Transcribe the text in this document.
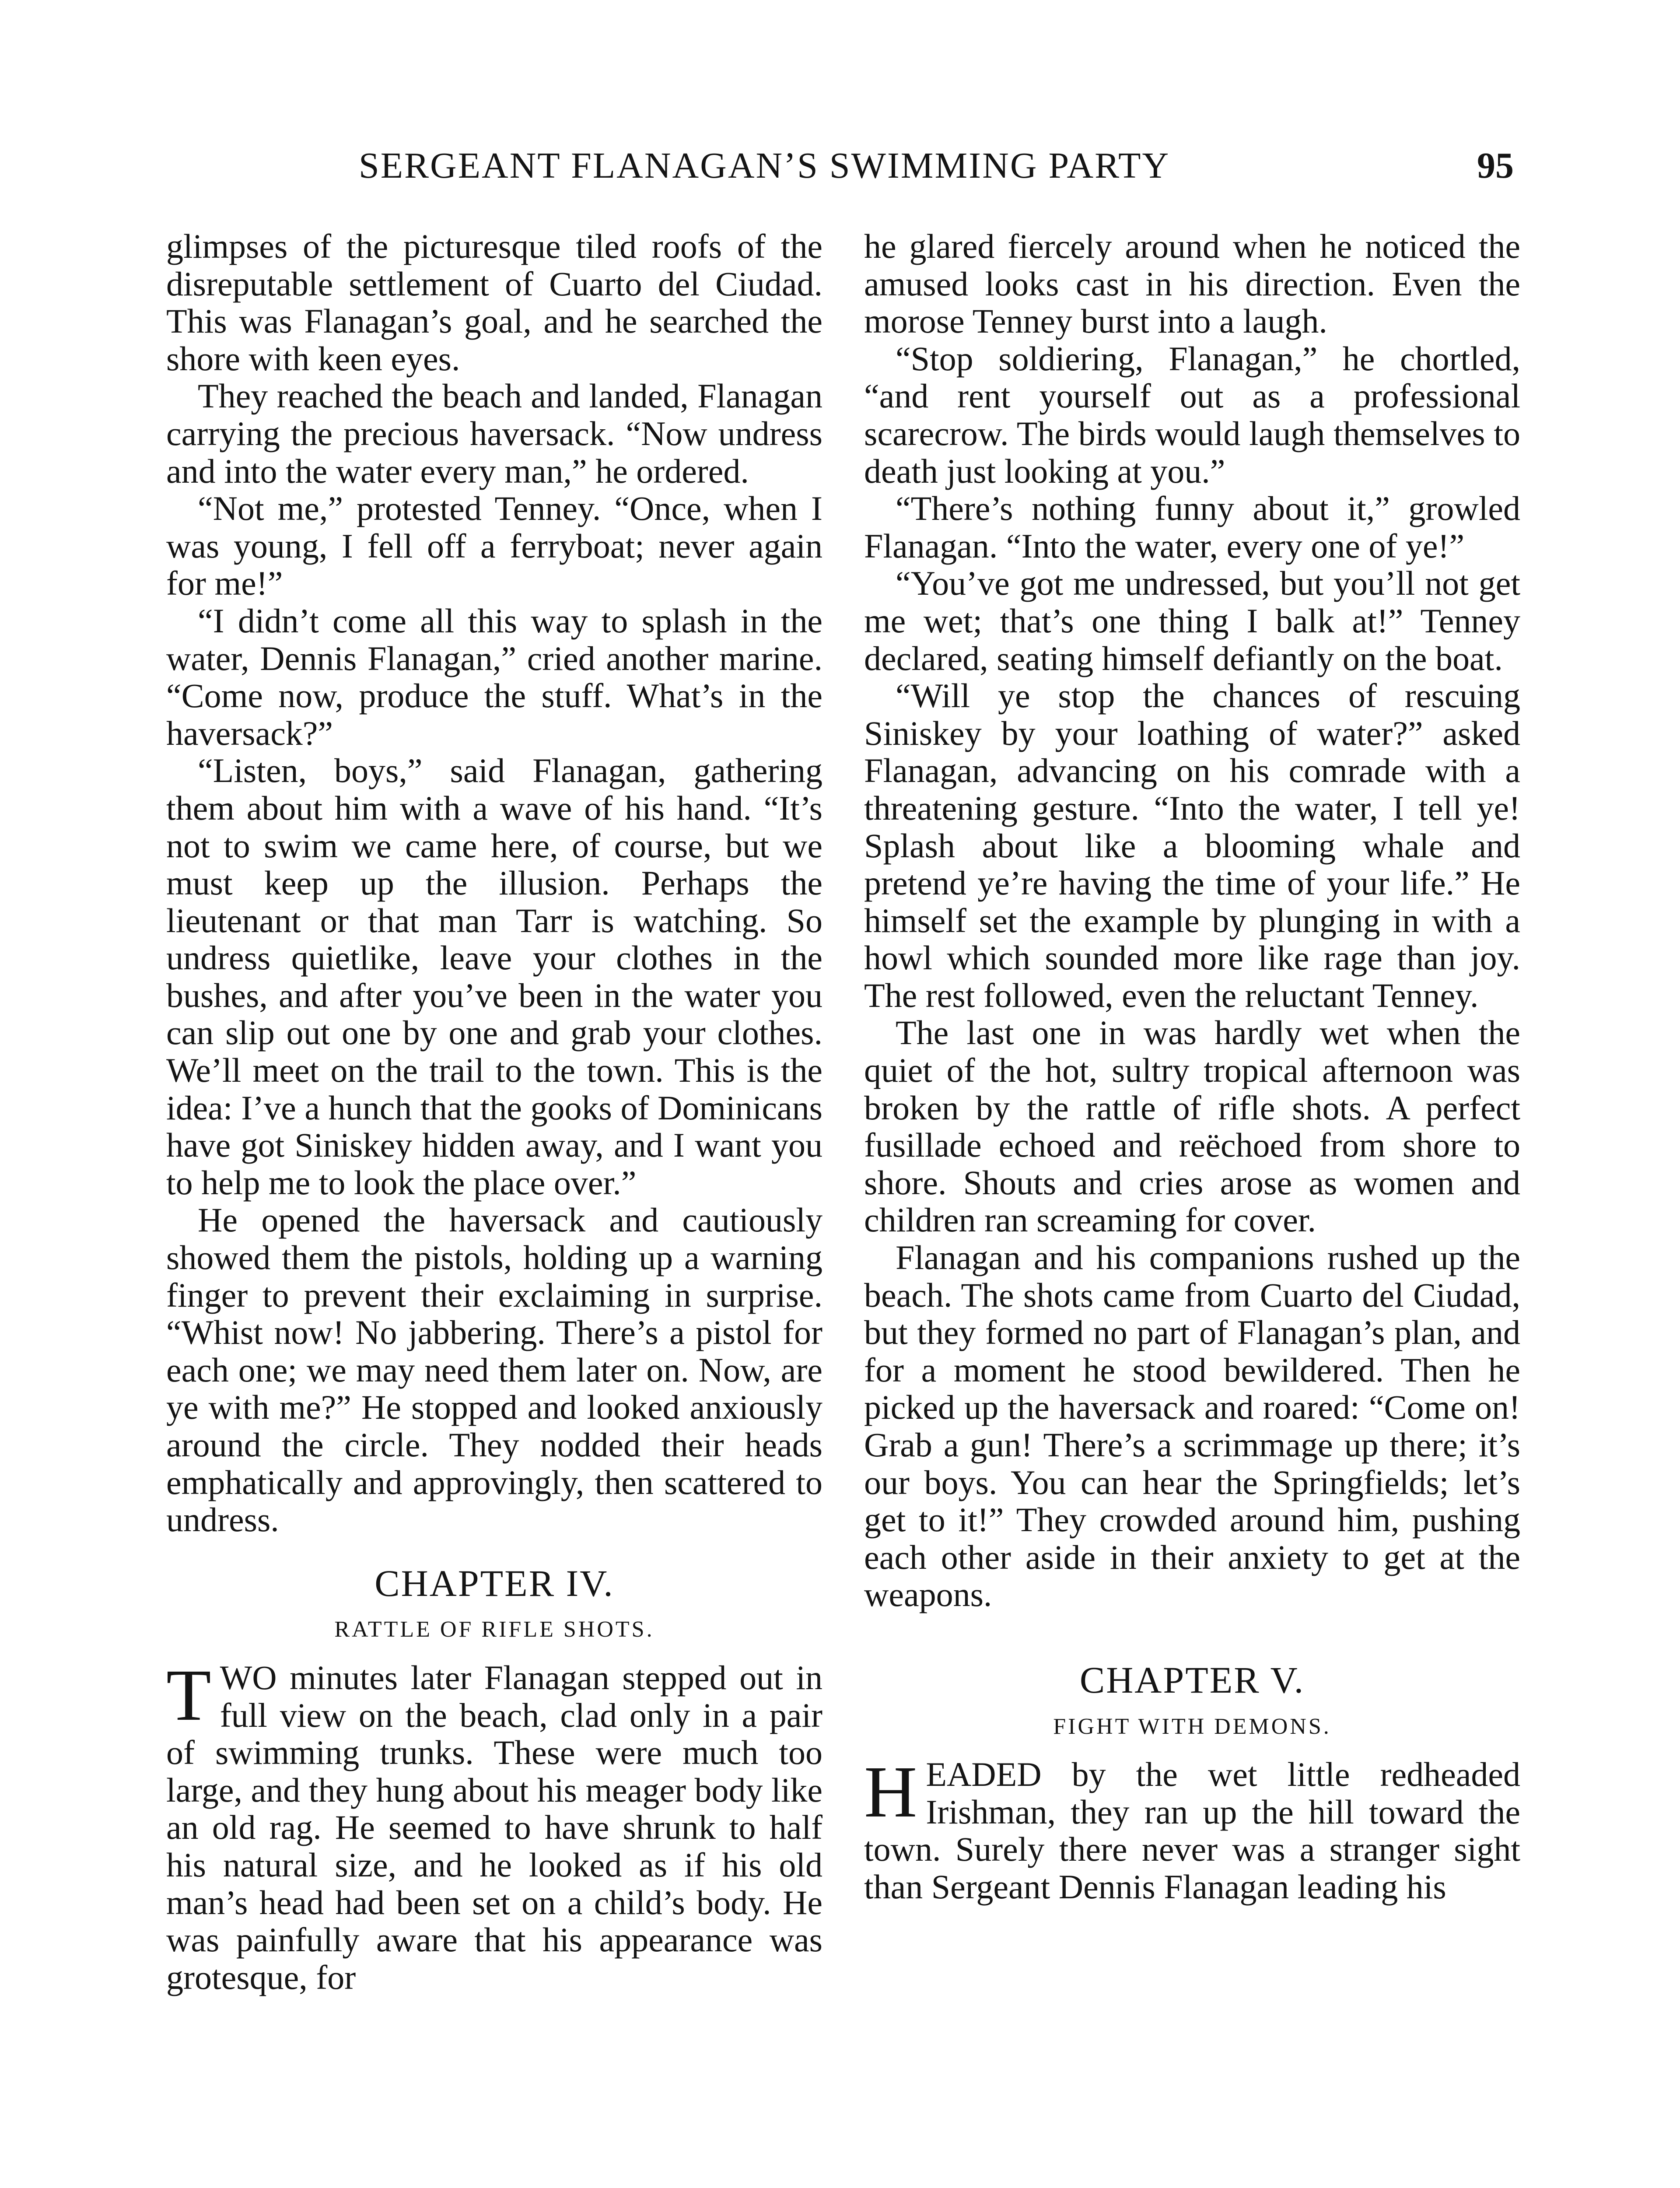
SERGEANT FLANAGAN’S SWIMMING PARTY	95

glimpses of the picturesque tiled roofs of the disreputable settlement of Cuarto del Ciudad. This was Flanagan’s goal, and he searched the shore with keen eyes.

They reached the beach and landed, Flanagan carrying the precious haversack. “Now undress and into the water every man,” he ordered.

“Not me,” protested Tenney. “Once, when I was young, I fell off a ferryboat; never again for me!”

“I didn’t come all this way to splash in the water, Dennis Flanagan,” cried another marine. “Come now, produce the stuff. What’s in the haversack?”

“Listen, boys,” said Flanagan, gathering them about him with a wave of his hand. “It’s not to swim we came here, of course, but we must keep up the illusion. Perhaps the lieutenant or that man Tarr is watching. So undress quietlike, leave your clothes in the bushes, and after you’ve been in the water you can slip out one by one and grab your clothes. We’ll meet on the trail to the town. This is the idea: I’ve a hunch that the gooks of Dominicans have got Siniskey hidden away, and I want you to help me to look the place over.”

He opened the haversack and cautiously showed them the pistols, holding up a warning finger to prevent their exclaiming in surprise. “Whist now! No jabbering. There’s a pistol for each one; we may need them later on. Now, are ye with me?” He stopped and looked anxiously around the circle. They nodded their heads emphatically and approvingly, then scattered to undress.

CHAPTER IV.
RATTLE OF RIFLE SHOTS.

TWO minutes later Flanagan stepped out in full view on the beach, clad only in a pair of swimming trunks. These were much too large, and they hung about his meager body like an old rag. He seemed to have shrunk to half his natural size, and he looked as if his old man’s head had been set on a child’s body. He was painfully aware that his appearance was grotesque, for

he glared fiercely around when he noticed the amused looks cast in his direction. Even the morose Tenney burst into a laugh.

“Stop soldiering, Flanagan,” he chortled, “and rent yourself out as a professional scarecrow. The birds would laugh themselves to death just looking at you.”

“There’s nothing funny about it,” growled Flanagan. “Into the water, every one of ye!”

“You’ve got me undressed, but you’ll not get me wet; that’s one thing I balk at!” Tenney declared, seating himself defiantly on the boat.

“Will ye stop the chances of rescuing Siniskey by your loathing of water?” asked Flanagan, advancing on his comrade with a threatening gesture. “Into the water, I tell ye! Splash about like a blooming whale and pretend ye’re having the time of your life.” He himself set the example by plunging in with a howl which sounded more like rage than joy. The rest followed, even the reluctant Tenney.

The last one in was hardly wet when the quiet of the hot, sultry tropical afternoon was broken by the rattle of rifle shots. A perfect fusillade echoed and reëchoed from shore to shore. Shouts and cries arose as women and children ran screaming for cover.

Flanagan and his companions rushed up the beach. The shots came from Cuarto del Ciudad, but they formed no part of Flanagan’s plan, and for a moment he stood bewildered. Then he picked up the haversack and roared: “Come on! Grab a gun! There’s a scrimmage up there; it’s our boys. You can hear the Springfields; let’s get to it!” They crowded around him, pushing each other aside in their anxiety to get at the weapons.

CHAPTER V.
FIGHT WITH DEMONS.

HEADED by the wet little redheaded Irishman, they ran up the hill toward the town. Surely there never was a stranger sight than Sergeant Dennis Flanagan leading his
